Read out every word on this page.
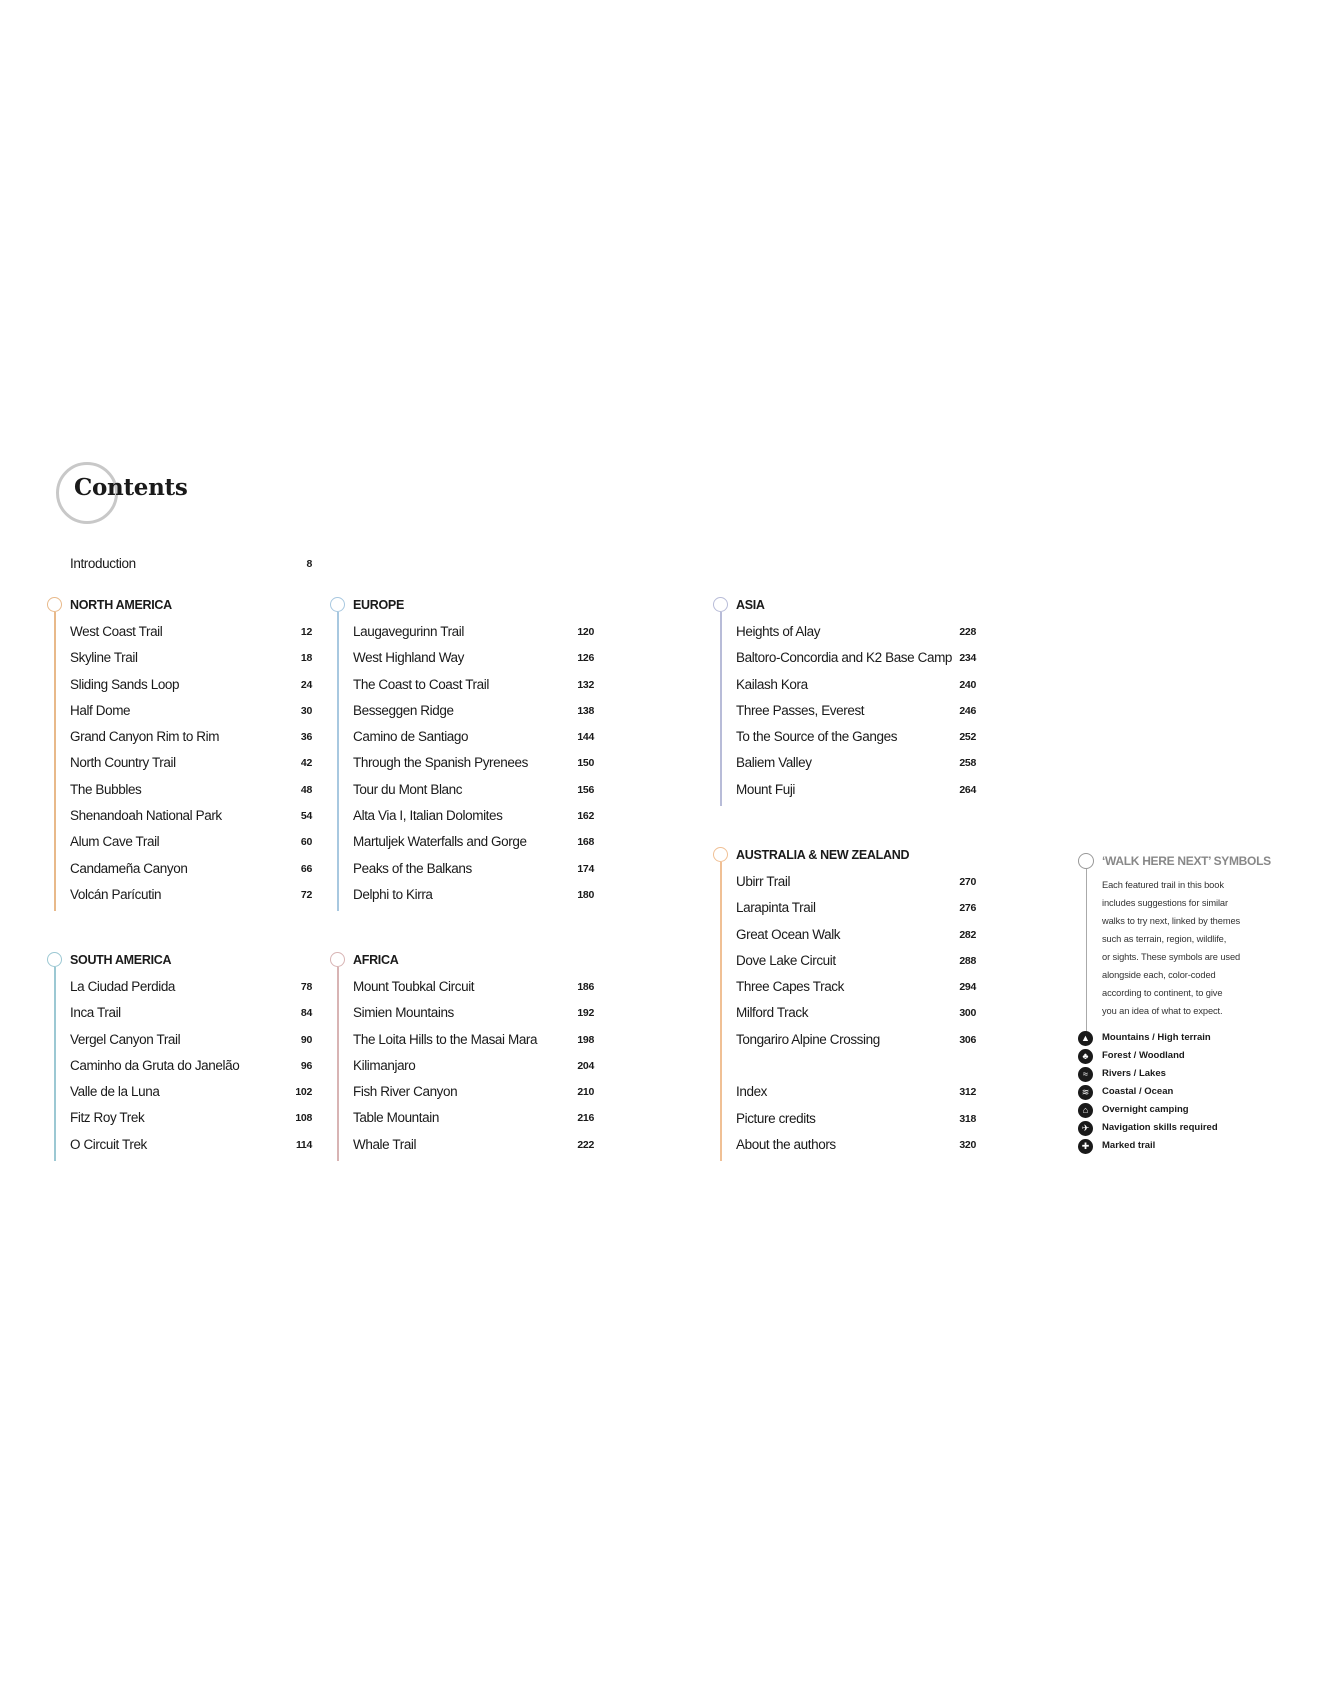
Contents
Introduction	8
NORTH AMERICA
West Coast Trail	12
Skyline Trail	18
Sliding Sands Loop	24
Half Dome	30
Grand Canyon Rim to Rim	36
North Country Trail	42
The Bubbles	48
Shenandoah National Park	54
Alum Cave Trail	60
Candameña Canyon	66
Volcán Parícutin	72
SOUTH AMERICA
La Ciudad Perdida	78
Inca Trail	84
Vergel Canyon Trail	90
Caminho da Gruta do Janelão	96
Valle de la Luna	102
Fitz Roy Trek	108
O Circuit Trek	114
EUROPE
Laugavegurinn Trail	120
West Highland Way	126
The Coast to Coast Trail	132
Besseggen Ridge	138
Camino de Santiago	144
Through the Spanish Pyrenees	150
Tour du Mont Blanc	156
Alta Via I, Italian Dolomites	162
Martuljek Waterfalls and Gorge	168
Peaks of the Balkans	174
Delphi to Kirra	180
AFRICA
Mount Toubkal Circuit	186
Simien Mountains	192
The Loita Hills to the Masai Mara	198
Kilimanjaro	204
Fish River Canyon	210
Table Mountain	216
Whale Trail	222
ASIA
Heights of Alay	228
Baltoro-Concordia and K2 Base Camp 234
Kailash Kora	240
Three Passes, Everest	246
To the Source of the Ganges	252
Baliem Valley	258
Mount Fuji	264
AUSTRALIA & NEW ZEALAND
Ubirr Trail	270
Larapinta Trail	276
Great Ocean Walk	282
Dove Lake Circuit	288
Three Capes Track	294
Milford Track	300
Tongariro Alpine Crossing	306
Index	312
Picture credits	318
About the authors	320
‘WALK HERE NEXT’ SYMBOLS
Each featured trail in this book
includes suggestions for similar
walks to try next, linked by themes
such as terrain, region, wildlife,
or sights. These symbols are used
alongside each, color-coded
according to continent, to give
you an idea of what to expect.
▲	Mountains / High terrain
♣	Forest / Woodland
≈	Rivers / Lakes
≋	Coastal / Ocean
⌂	Overnight camping
✈	Navigation skills required
✚	Marked trail
